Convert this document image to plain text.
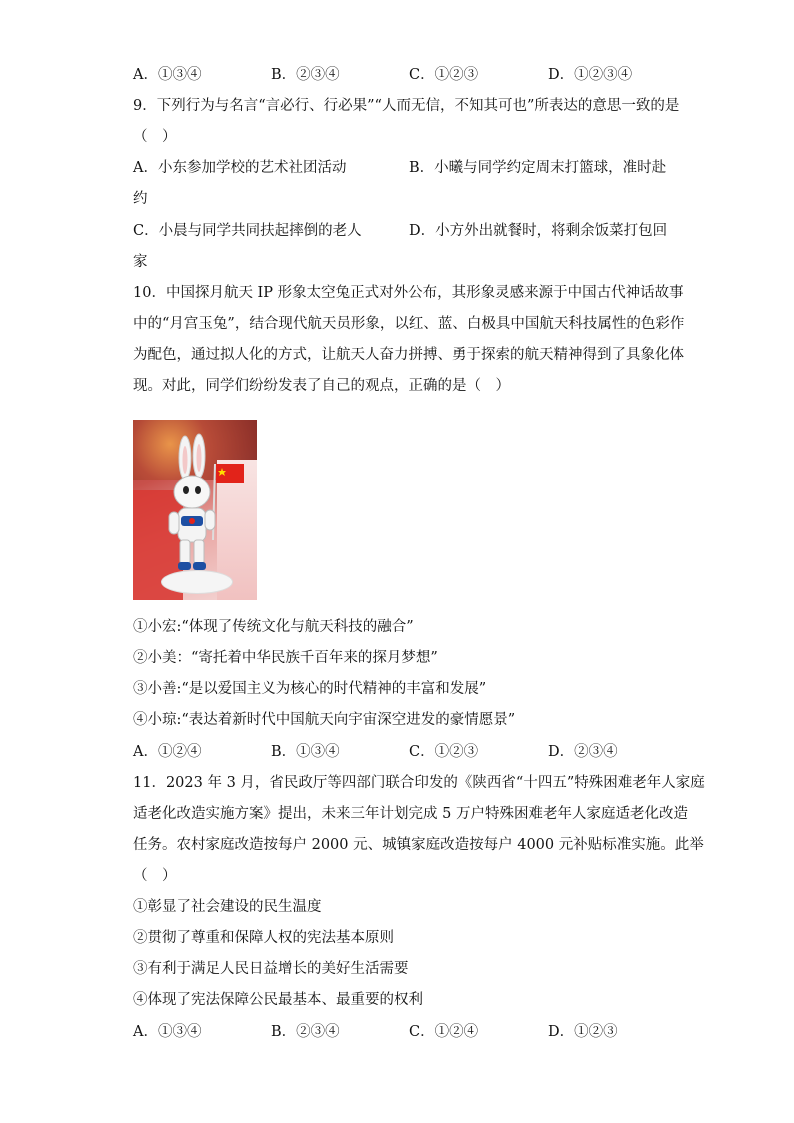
A．①③④	B．②③④	C．①②③	D．①②③④
9．下列行为与名言“言必行、行必果”“人而无信，不知其可也”所表达的意思一致的是
（　）
A．小东参加学校的艺术社团活动	B．小曦与同学约定周末打篮球，准时赴
约
C．小晨与同学共同扶起摔倒的老人	D．小方外出就餐时，将剩余饭菜打包回
家
10．中国探月航天 IP 形象太空兔正式对外公布，其形象灵感来源于中国古代神话故事
中的“月宫玉兔”，结合现代航天员形象，以红、蓝、白极具中国航天科技属性的色彩作
为配色，通过拟人化的方式，让航天人奋力拼搏、勇于探索的航天精神得到了具象化体
现。对此，同学们纷纷发表了自己的观点，正确的是（　）
①小宏:“体现了传统文化与航天科技的融合”
②小美：“寄托着中华民族千百年来的探月梦想”
③小善:“是以爱国主义为核心的时代精神的丰富和发展”
④小琼:“表达着新时代中国航天向宇宙深空进发的豪情愿景”
A．①②④	B．①③④	C．①②③	D．②③④
11．2023 年 3 月，省民政厅等四部门联合印发的《陕西省“十四五”特殊困难老年人家庭
适老化改造实施方案》提出，未来三年计划完成 5 万户特殊困难老年人家庭适老化改造
任务。农村家庭改造按每户 2000 元、城镇家庭改造按每户 4000 元补贴标准实施。此举
（　）
①彰显了社会建设的民生温度
②贯彻了尊重和保障人权的宪法基本原则
③有利于满足人民日益增长的美好生活需要
④体现了宪法保障公民最基本、最重要的权利
A．①③④	B．②③④	C．①②④	D．①②③
